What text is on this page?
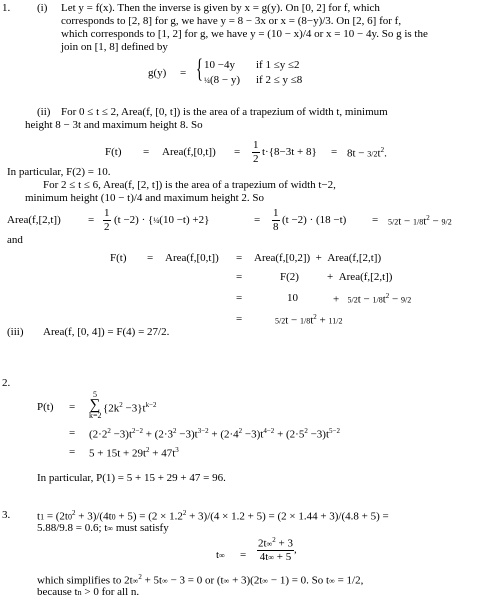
1. (i) Let y = f(x). Then the inverse is given by x = g(y). On [0, 2] for f, which
corresponds to [2, 8] for g, we have y = 8 − 3x or x = (8−y)/3. On [2, 6] for f,
which corresponds to [1, 2] for g, we have y = (10 − x)/4 or x = 10 − 4y. So g is the
join on [1, 8] defined by
g(y) = { 10 −4y if 1 ≤y ≤2
¼(8 − y) if 2 ≤ y ≤8
(ii) For 0 ≤ t ≤ 2, Area(f, [0, t]) is the area of a trapezium of width t, minimum
height 8 − 3t and maximum height 8. So
F(t) = Area(f,[0,t]) = $\frac{1}{2} t\cdot\{8-3t + 8\} = 8t - 3/2t^2$.
In particular, F(2) = 10.
For 2 ≤ t ≤ 6, Area(f, [2, t]) is the area of a trapezium of width t−2,
minimum height (10 − t)/4 and maximum height 2. So
Area(f,[2,t]) = $\frac{1}{2} (t -2)$ · {¼(10 −t) +2}	= $\frac{1}{8} (t -2) \cdot (18 -t) = 5/2t - 1/8t^2 - 9/2$
and
F(t) = Area(f,[0,t]) = Area(f,[0,2])  +  Area(f,[2,t])
=	F(2)	+  Area(f,[2,t])
=	10	+   $5/2t - 1/8t^2 - 9/2$
=	$5/2t - 1/8t^2 + 11/2$
(iii) Area(f, [0, 4]) = F(4) = 27/2.
2.
P(t) =
5
∑
k=2
$\{2k^2 -3\}t^{k-2}$
= $(2\cdot 2^2 -3)t^{2-2} + (2\cdot 3^2 -3)t^{3-2} + (2\cdot 4^2 -3)t^{4-2} + (2\cdot 5^2 -3)t^{5-2}$
= $5 + 15t + 29t^2 + 47t^3$
In particular, P(1) = 5 + 15 + 29 + 47 = 96.
3. $t1 = (2t0^2 + 3)/(4t0 + 5) = (2 \times 1.2^2 + 3)/(4 \times 1.2 + 5) = (2 \times 1.44 + 3)/(4.8 + 5)$ =
5.88/9.8 = 0.6; t∞ must satisfy
$t\infty = \frac{2t\infty^2 + 3}{4t\infty + 5}$ ,
which simplifies to 2t∞$^2$ + 5t∞ − 3 = 0 or (t∞ + 3)(2t∞ − 1) = 0. So t∞ = 1/2,
because tn > 0 for all n.
